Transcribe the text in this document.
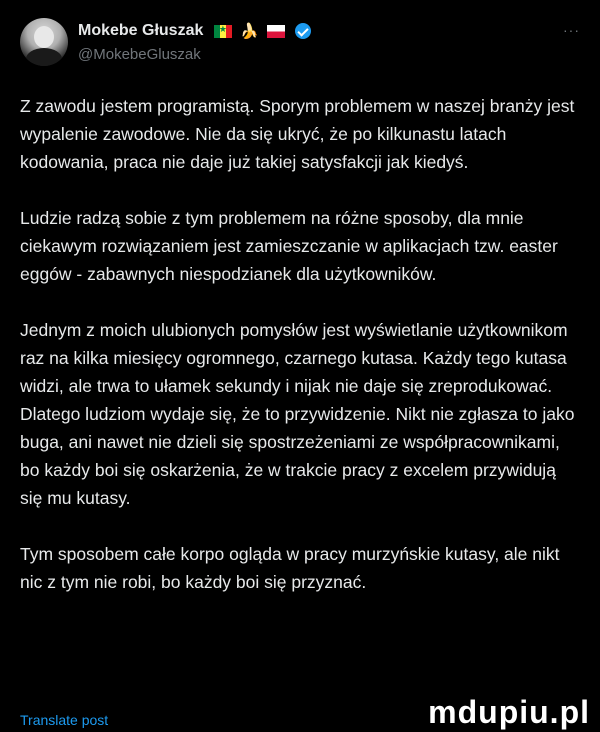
Mokebe Głuszak ★ 🍌
@MokebeGluszak
···

Z zawodu jestem programistą. Sporym problemem w naszej branży jest wypalenie zawodowe. Nie da się ukryć, że po kilkunastu latach kodowania, praca nie daje już takiej satysfakcji jak kiedyś.

Ludzie radzą sobie z tym problemem na różne sposoby, dla mnie ciekawym rozwiązaniem jest zamieszczanie w aplikacjach tzw. easter eggów - zabawnych niespodzianek dla użytkowników.

Jednym z moich ulubionych pomysłów jest wyświetlanie użytkownikom raz na kilka miesięcy ogromnego, czarnego kutasa. Każdy tego kutasa widzi, ale trwa to ułamek sekundy i nijak nie daje się zreprodukować. Dlatego ludziom wydaje się, że to przywidzenie. Nikt nie zgłasza to jako buga, ani nawet nie dzieli się spostrzeżeniami ze współpracownikami, bo każdy boi się oskarżenia, że w trakcie pracy z excelem przywidują się mu kutasy.

Tym sposobem całe korpo ogląda w pracy murzyńskie kutasy, ale nikt nic z tym nie robi, bo każdy boi się przyznać.

Translate post	mdupiu.pl
